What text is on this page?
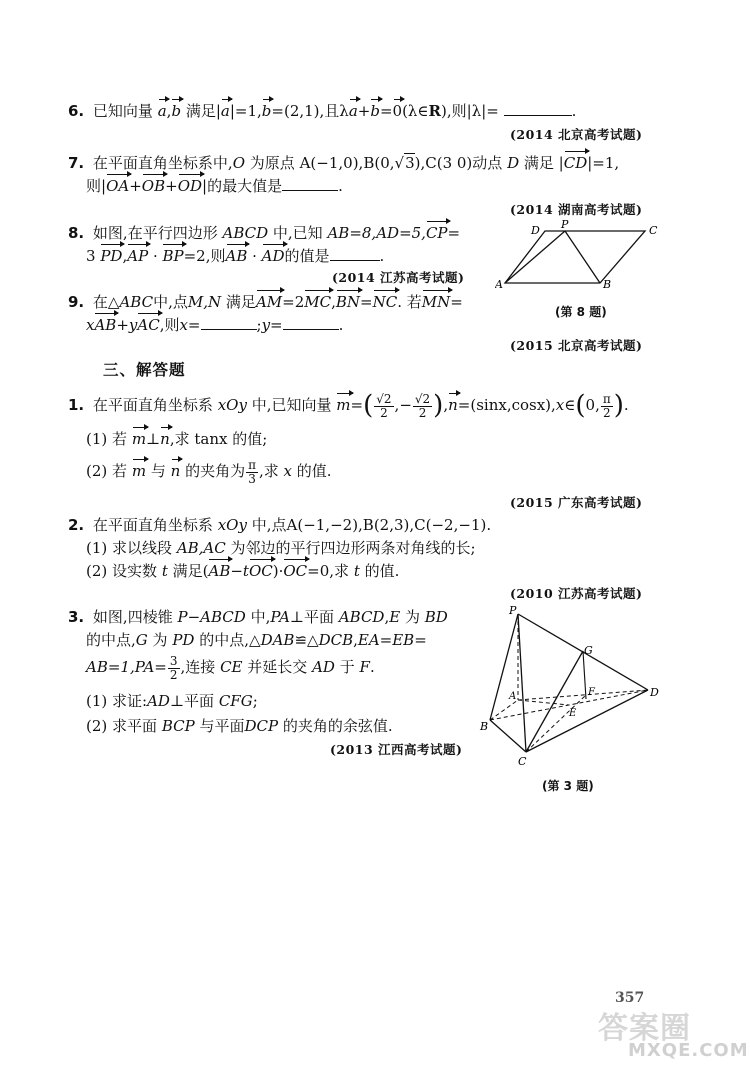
6. 已知向量 a,b 满足|a|=1,b=(2,1),且λa+b=0(λ∈R),则|λ|=	.
(2014 北京高考试题)
7. 在平面直角坐标系中,O 为原点 A(−1,0),B(0,√3),C(3 0)动点 D 满足 |CD|=1,
则|OA+OB+OD|的最大值是	.
(2014 湖南高考试题)
8. 如图,在平行四边形 ABCD 中,已知 AB=8,AD=5,CP=
3 PD,AP · BP=2,则AB · AD的值是	.
(2014 江苏高考试题)
D P	C
A	B
(第 8 题)
9. 在△ABC中,点M,N 满足AM=2MC,BN=NC. 若MN=
xAB+yAC,则x=	;y=	.
(2015 北京高考试题)
三、解答题
1. 在平面直角坐标系 xOy 中,已知向量 $m=( \frac{√2}{2}$ ,− $\frac{√2}{2}$ ),n=(sinx,cosx),x∈(0, $\frac{\pi}{2}$ ).
(1) 若 m⊥n,求 tanx 的值;
(2) 若 m 与 n 的夹角为 $\frac{\pi}{3}$ ,求 x 的值.
(2015 广东高考试题)
2. 在平面直角坐标系 xOy 中,点A(−1,−2),B(2,3),C(−2,−1).
(1) 求以线段 AB,AC 为邻边的平行四边形两条对角线的长;
(2) 设实数 t 满足(AB−tOC)·OC=0,求 t 的值.
(2010 江苏高考试题)
3. 如图,四棱锥 P−ABCD 中,PA⊥平面 ABCD,E 为 BD
的中点,G 为 PD 的中点,△DAB≌△DCB,EA=EB=
$AB=1,PA= \frac{3}{2}$ ,连接 CE 并延长交 AD 于 F.
(1) 求证:AD⊥平面 CFG;
(2) 求平面 BCP 与平面DCP 的夹角的余弦值.
(2013 江西高考试题)
P
G
A	F	D
B
E
C
(第 3 题)
357
答案圈
MXQE.COM
